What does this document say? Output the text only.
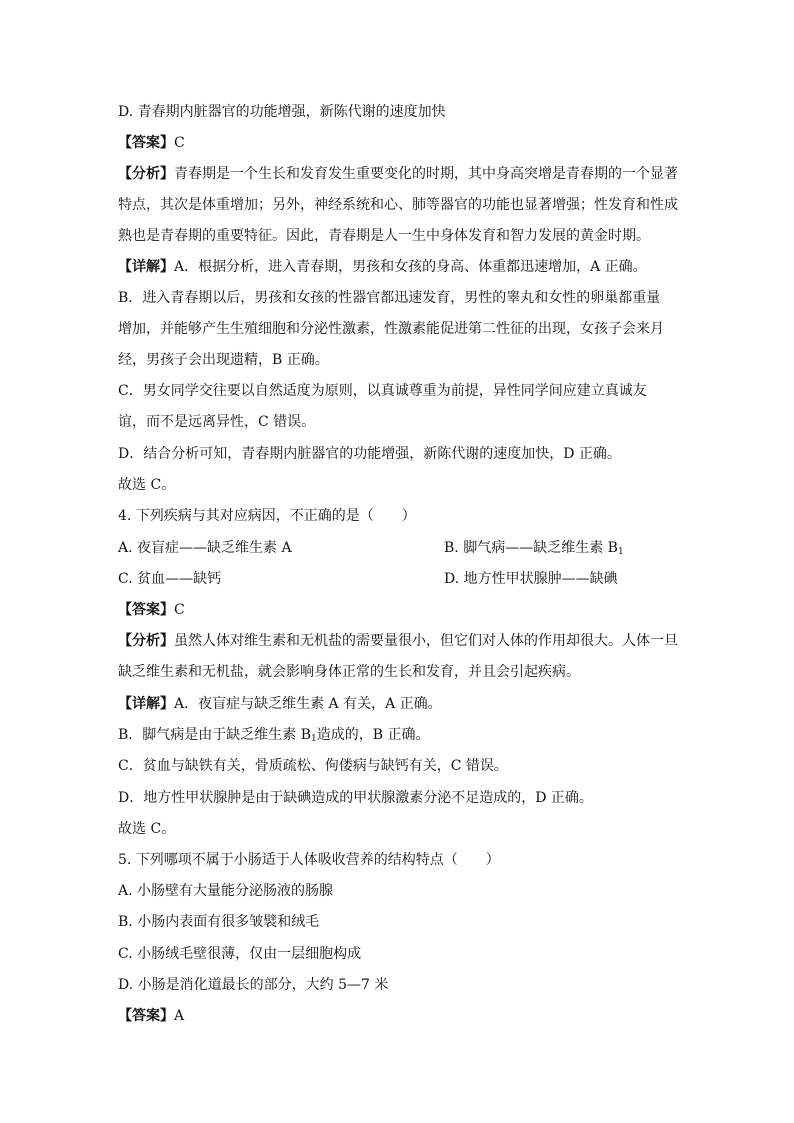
D. 青春期内脏器官的功能增强，新陈代谢的速度加快
【答案】C
【分析】青春期是一个生长和发育发生重要变化的时期，其中身高突增是青春期的一个显著
特点，其次是体重增加；另外，神经系统和心、肺等器官的功能也显著增强；性发育和性成
熟也是青春期的重要特征。因此，青春期是人一生中身体发育和智力发展的黄金时期。
【详解】A．根据分析，进入青春期，男孩和女孩的身高、体重都迅速增加，A 正确。
B．进入青春期以后，男孩和女孩的性器官都迅速发育，男性的睾丸和女性的卵巢都重量
增加，并能够产生生殖细胞和分泌性激素，性激素能促进第二性征的出现，女孩子会来月
经，男孩子会出现遗精，B 正确。
C．男女同学交往要以自然适度为原则，以真诚尊重为前提，异性同学间应建立真诚友
谊，而不是远离异性，C 错误。
D．结合分析可知，青春期内脏器官的功能增强，新陈代谢的速度加快，D 正确。
故选 C。
4. 下列疾病与其对应病因，不正确的是（　　）
A. 夜盲症——缺乏维生素 A	B. 脚气病——缺乏维生素 $B_1$
C. 贫血——缺钙	D. 地方性甲状腺肿——缺碘
【答案】C
【分析】虽然人体对维生素和无机盐的需要量很小，但它们对人体的作用却很大。人体一旦
缺乏维生素和无机盐，就会影响身体正常的生长和发育，并且会引起疾病。
【详解】A．夜盲症与缺乏维生素 A 有关，A 正确。
B．脚气病是由于缺乏维生素 $B_1$造成的，B 正确。
C．贫血与缺铁有关，骨质疏松、佝偻病与缺钙有关，C 错误。
D．地方性甲状腺肿是由于缺碘造成的甲状腺激素分泌不足造成的，D 正确。
故选 C。
5. 下列哪项不属于小肠适于人体吸收营养的结构特点（　　）
A. 小肠壁有大量能分泌肠液的肠腺
B. 小肠内表面有很多皱襞和绒毛
C. 小肠绒毛壁很薄，仅由一层细胞构成
D. 小肠是消化道最长的部分，大约 5—7 米
【答案】A
